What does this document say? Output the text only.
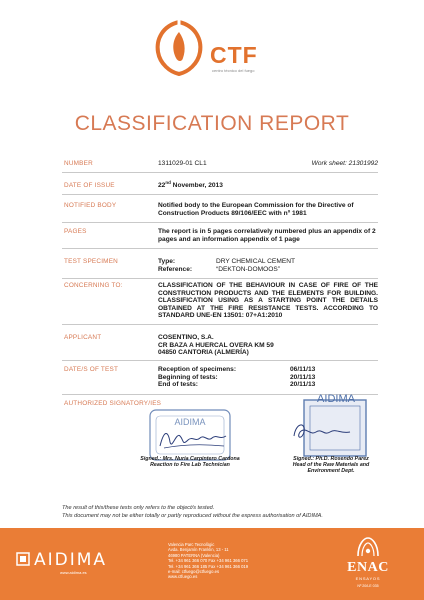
CTF
centro técnico del fuego
CLASSIFICATION REPORT
NUMBER	1311029-01 CL1	Work sheet: 21301992
DATE OF ISSUE	22nd November, 2013
NOTIFIED BODY	Notified body to the European Commission for the Directive of Construction Products 89/106/EEC with nº 1981
PAGES	The report is in 5 pages correlatively numbered plus an appendix of 2 pages and an information appendix of 1 page
TEST SPECIMEN	Type:	DRY CHEMICAL CEMENT
Reference:	“DEKTON-DOMOOS”
CONCERNING TO:	CLASSIFICATION OF THE BEHAVIOUR IN CASE OF FIRE OF THE CONSTRUCTION PRODUCTS AND THE ELEMENTS FOR BUILDING. CLASSIFICATION USING AS A STARTING POINT THE DETAILS OBTAINED AT THE FIRE RESISTANCE TESTS. ACCORDING TO STANDARD UNE-EN 13501: 07+A1:2010
APPLICANT	COSENTINO, S.A.
CR BAZA A HUERCAL OVERA KM 59
04850 CANTORIA (ALMERÍA)
DATE/S OF TEST	Reception of specimens:	06/11/13
Beginning of tests:	20/11/13
End of tests:	20/11/13
AUTHORIZED SIGNATORY/IES
AIDIMA
AIDIMA
Signed.: Mrs. Nuria Carpintero Cardona
Reaction to Fire Lab Technician
Signed.: Ph.D. Rosendo Parez
Head of the Raw Materials and
Environment Dept.
The result of this/these tests only refers to the object/s tested.
This document may not be either totally or partly reproduced without the express authorisation of AIDIMA.
AIDIMA
www.aidima.es
Valencia Parc Tecnològic
Avda. Benjamín Franklin, 13 - 11
46980 PATERNA (Valencia)
Tel. +34 961 366 070 Fax +34 961 366 071
Tel. +34 961 366 185 Fax +34 961 366 019
e-mail: ctfuego@ctfuego.es
www.ctfuego.es
ENAC
ENSAYOS
Nº 20/LE 035
